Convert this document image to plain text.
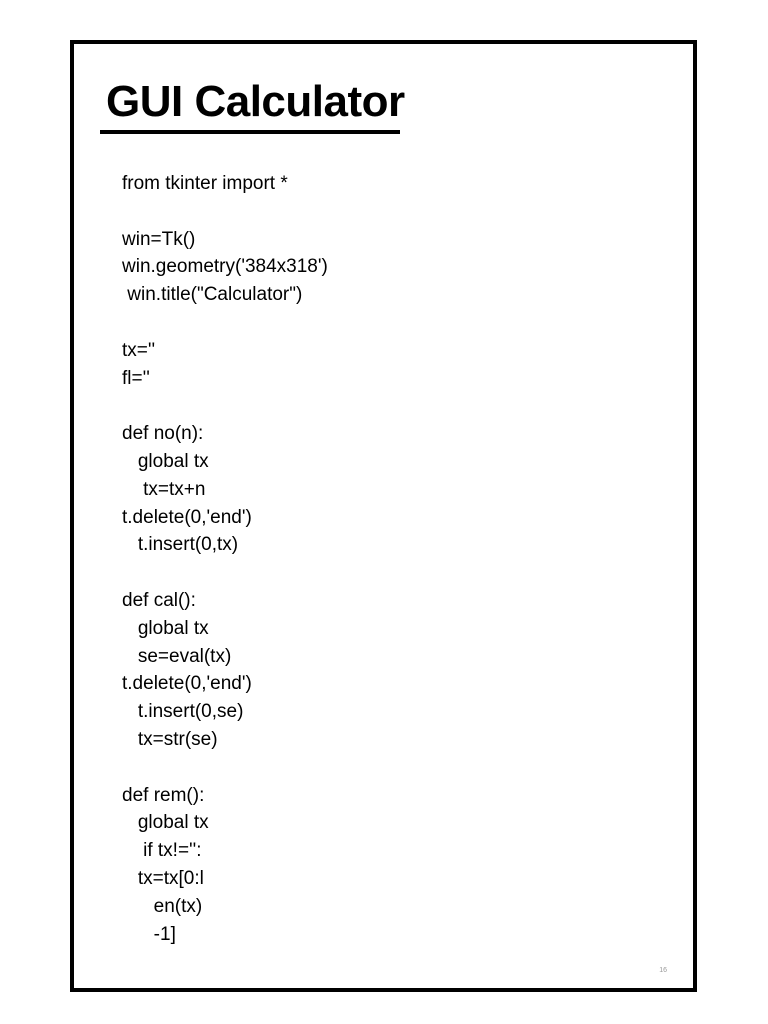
GUI Calculator
from tkinter import *
win=Tk()
win.geometry('384x318')
win.title("Calculator")
tx=''
fl=''
def no(n):
global tx
tx=tx+n
t.delete(0,'end')
t.insert(0,tx)
def cal():
global tx
se=eval(tx)
t.delete(0,'end')
t.insert(0,se)
tx=str(se)
def rem():
global tx
if tx!='':
tx=tx[0:l
en(tx)
-1]
16
